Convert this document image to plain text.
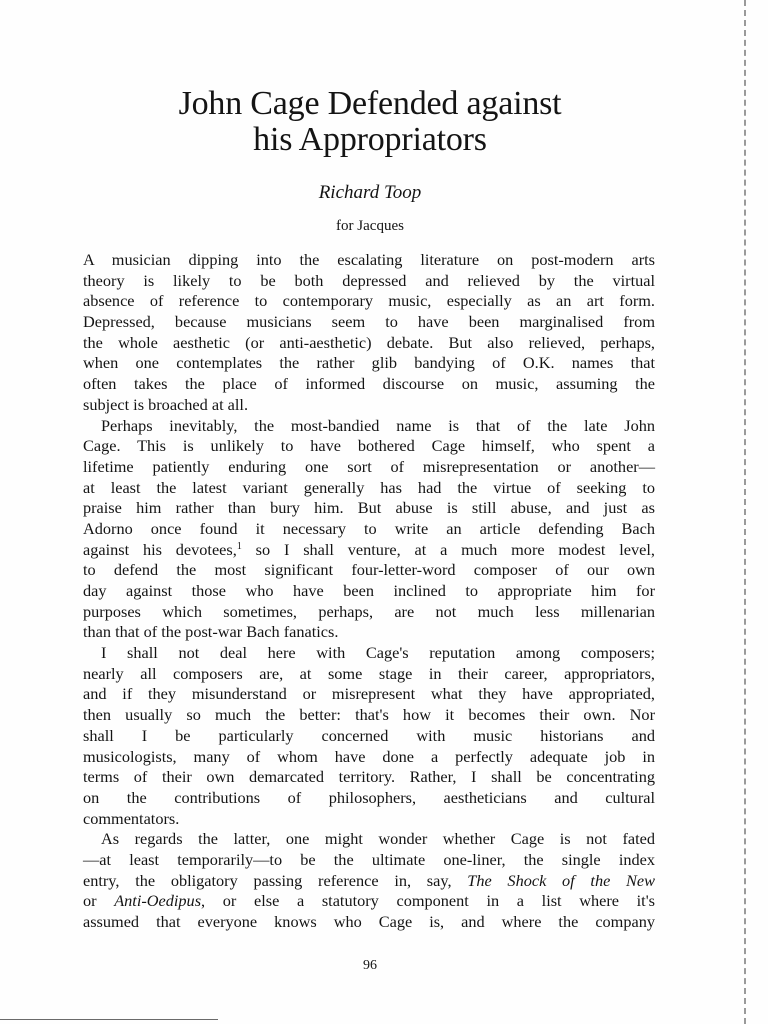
John Cage Defended against
his Appropriators
Richard Toop
for Jacques
A musician dipping into the escalating literature on post-modern arts
theory is likely to be both depressed and relieved by the virtual
absence of reference to contemporary music, especially as an art form.
Depressed, because musicians seem to have been marginalised from
the whole aesthetic (or anti-aesthetic) debate. But also relieved, perhaps,
when one contemplates the rather glib bandying of O.K. names that
often takes the place of informed discourse on music, assuming the
subject is broached at all.
Perhaps inevitably, the most-bandied name is that of the late John
Cage. This is unlikely to have bothered Cage himself, who spent a
lifetime patiently enduring one sort of misrepresentation or another—
at least the latest variant generally has had the virtue of seeking to
praise him rather than bury him. But abuse is still abuse, and just as
Adorno once found it necessary to write an article defending Bach
against his devotees,$^1$ so I shall venture, at a much more modest level,
to defend the most significant four-letter-word composer of our own
day against those who have been inclined to appropriate him for
purposes which sometimes, perhaps, are not much less millenarian
than that of the post-war Bach fanatics.
I shall not deal here with Cage's reputation among composers;
nearly all composers are, at some stage in their career, appropriators,
and if they misunderstand or misrepresent what they have appropriated,
then usually so much the better: that's how it becomes their own. Nor
shall I be particularly concerned with music historians and
musicologists, many of whom have done a perfectly adequate job in
terms of their own demarcated territory. Rather, I shall be concentrating
on the contributions of philosophers, aestheticians and cultural
commentators.
As regards the latter, one might wonder whether Cage is not fated
—at least temporarily—to be the ultimate one-liner, the single index
entry, the obligatory passing reference in, say, The Shock of the New
or Anti-Oedipus, or else a statutory component in a list where it's
assumed that everyone knows who Cage is, and where the company
96
